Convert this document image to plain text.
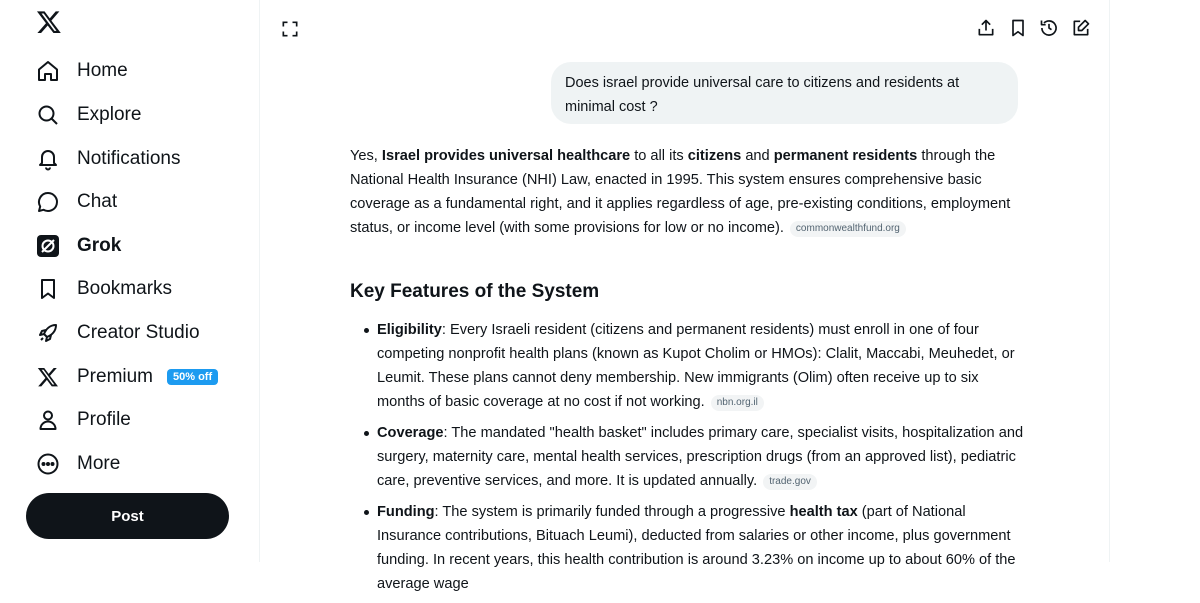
Home
Explore
Notifications
Chat
Grok
Bookmarks
Creator Studio
Premium	50% off
Profile
More
Post
Does israel provide universal care to citizens and residents at minimal cost ?

Yes, Israel provides universal healthcare to all its citizens and permanent residents through the National Health Insurance (NHI) Law, enacted in 1995. This system ensures comprehensive basic coverage as a fundamental right, and it applies regardless of age, pre-existing conditions, employment status, or income level (with some provisions for low or no income). commonwealthfund.org

Key Features of the System
Eligibility: Every Israeli resident (citizens and permanent residents) must enroll in one of four competing nonprofit health plans (known as Kupot Cholim or HMOs): Clalit, Maccabi, Meuhedet, or Leumit. These plans cannot deny membership. New immigrants (Olim) often receive up to six months of basic coverage at no cost if not working. nbn.org.il
Coverage: The mandated "health basket" includes primary care, specialist visits, hospitalization and surgery, maternity care, mental health services, prescription drugs (from an approved list), pediatric care, preventive services, and more. It is updated annually. trade.gov
Funding: The system is primarily funded through a progressive health tax (part of National Insurance contributions, Bituach Leumi), deducted from salaries or other income, plus government funding. In recent years, this health contribution is around 3.23% on income up to about 60% of the average wage
